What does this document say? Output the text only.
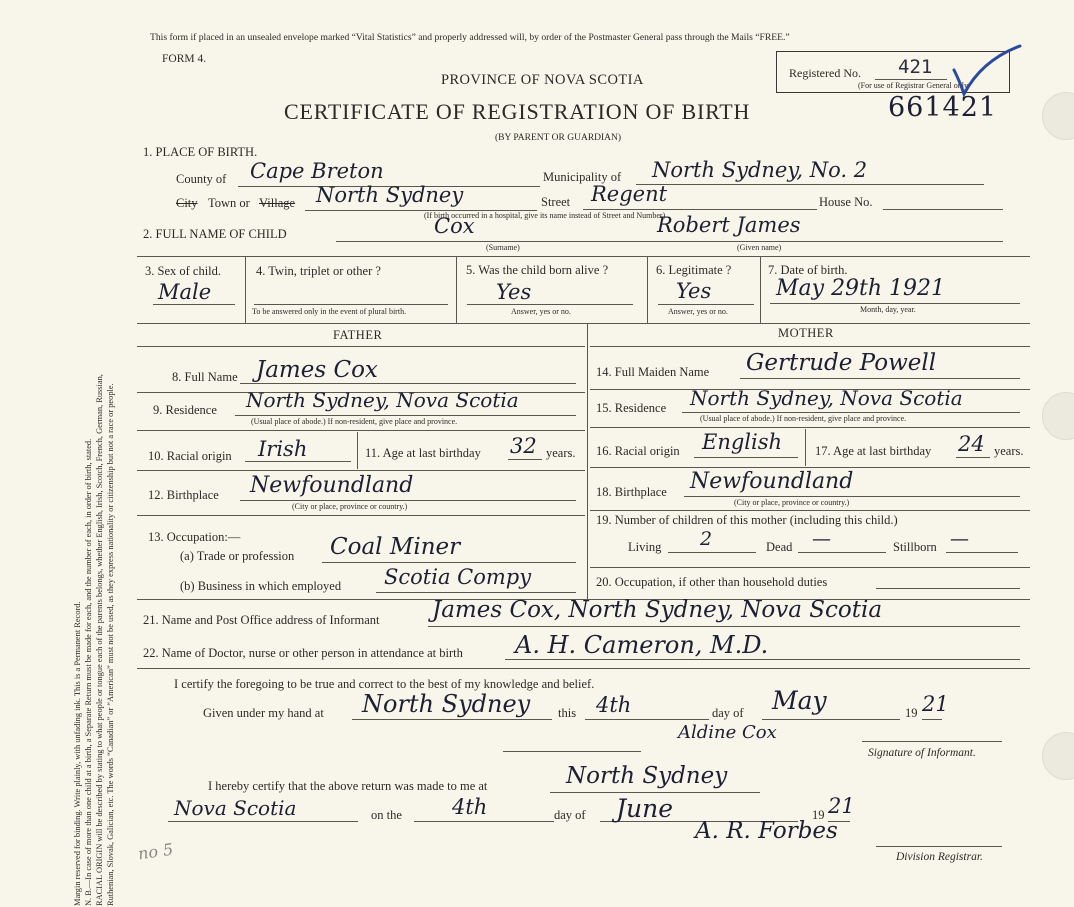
Margin reserved for binding. Write plainly, with unfading ink. This is a Permanent Record. N. B.—In case of more than one child at a birth, a Separate Return must be made for each, and the number of each, in order of birth, stated. RACIAL ORIGIN will be described by stating to what people or tongue each of the parents belongs, whether English, Irish, Scotch, French, German, Russian, Ruthenian, Slovak, Galician, etc. The words “Canadian” or “American” must not be used, as they express nationality or citizenship but not a race or people. no 5
This form if placed in an unsealed envelope marked “Vital Statistics” and properly addressed will, by order of the Postmaster General pass through the Mails “FREE.”
FORM 4.
PROVINCE OF NOVA SCOTIA
CERTIFICATE OF REGISTRATION OF BIRTH
(BY PARENT OR GUARDIAN)
Registered No. 421
(For use of Registrar General only.
661421
1. PLACE OF BIRTH.
County of Cape Breton	Municipality of North Sydney, No. 2
City Town or Village North Sydney	Street Regent	House No.
(If birth occurred in a hospital, give its name instead of Street and Number)
2. FULL NAME OF CHILD	Cox
(Surname)
Robert James
(Given name)
3. Sex of child.
Male
4. Twin, triplet or other ?
To be answered only in the event of plural birth.
5. Was the child born alive ?
Yes
Answer, yes or no.
6. Legitimate ?
Yes
Answer, yes or no.
7. Date of birth.
May 29th 1921
Month, day, year.
FATHER	MOTHER
8. Full Name James Cox
9. Residence North Sydney, Nova Scotia
(Usual place of abode.) If non-resident, give place and province.
10. Racial origin Irish	11. Age at last birthday 32 years.
12. Birthplace Newfoundland
(City or place, province or country.)
13. Occupation:—
(a) Trade or profession Coal Miner
(b) Business in which employed Scotia Compy
14. Full Maiden Name Gertrude Powell
15. Residence North Sydney, Nova Scotia
(Usual place of abode.) If non-resident, give place and province.
16. Racial origin English	17. Age at last birthday 24 years.
18. Birthplace Newfoundland
(City or place, province or country.)
19. Number of children of this mother (including this child.)
Living 2	Dead —	Stillborn —
20. Occupation, if other than household duties
21. Name and Post Office address of Informant James Cox, North Sydney, Nova Scotia
22. Name of Doctor, nurse or other person in attendance at birth A. H. Cameron, M.D.
I certify the foregoing to be true and correct to the best of my knowledge and belief.
Given under my hand at North Sydney this 4th	day of May	19 21
Aldine Cox
Signature of Informant.
I hereby certify that the above return was made to me at	North Sydney
Nova Scotia	on the 4th	day of June	19 21
A. R. Forbes
Division Registrar.
